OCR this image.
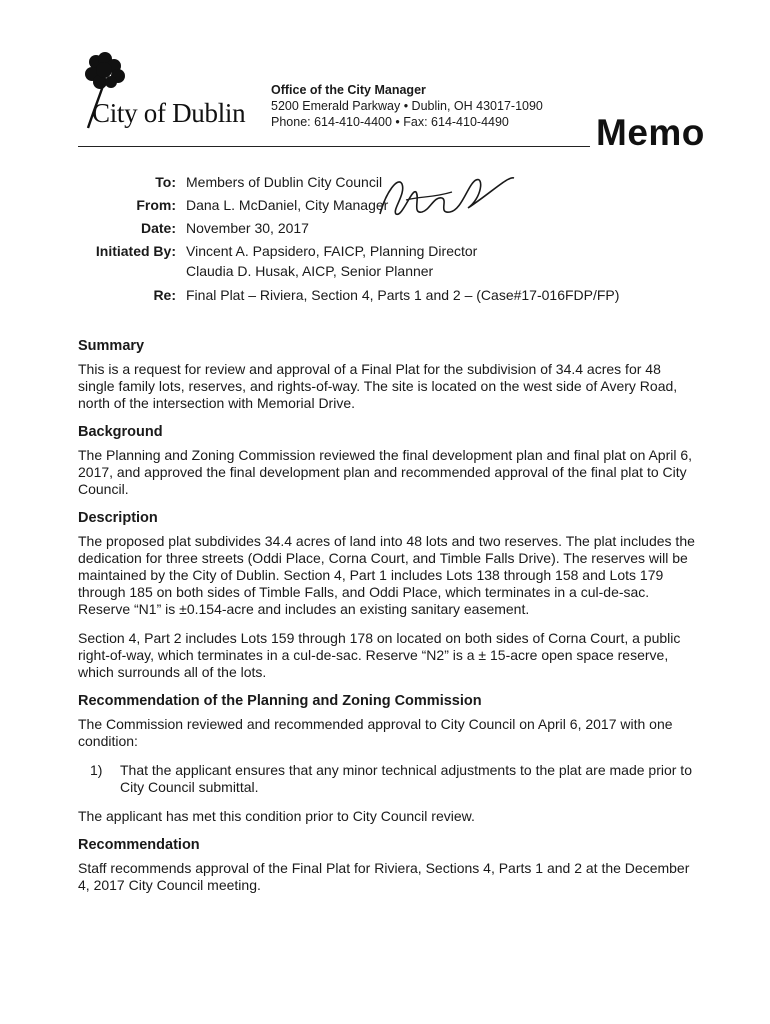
City of Dublin
Office of the City Manager
5200 Emerald Parkway • Dublin, OH 43017-1090
Phone: 614-410-4400 • Fax: 614-410-4490	Memo
To: Members of Dublin City Council
From: Dana L. McDaniel, City Manager
Date: November 30, 2017
Initiated By: Vincent A. Papsidero, FAICP, Planning Director
Claudia D. Husak, AICP, Senior Planner
Re: Final Plat – Riviera, Section 4, Parts 1 and 2 – (Case#17-016FDP/FP)
Summary

This is a request for review and approval of a Final Plat for the subdivision of 34.4 acres for 48 single family lots, reserves, and rights-of-way. The site is located on the west side of Avery Road, north of the intersection with Memorial Drive.

Background

The Planning and Zoning Commission reviewed the final development plan and final plat on April 6, 2017, and approved the final development plan and recommended approval of the final plat to City Council.

Description

The proposed plat subdivides 34.4 acres of land into 48 lots and two reserves. The plat includes the dedication for three streets (Oddi Place, Corna Court, and Timble Falls Drive). The reserves will be maintained by the City of Dublin. Section 4, Part 1 includes Lots 138 through 158 and Lots 179 through 185 on both sides of Timble Falls, and Oddi Place, which terminates in a cul-de-sac. Reserve “N1” is ±0.154-acre and includes an existing sanitary easement.

Section 4, Part 2 includes Lots 159 through 178 on located on both sides of Corna Court, a public right-of-way, which terminates in a cul-de-sac. Reserve “N2” is a ± 15-acre open space reserve, which surrounds all of the lots.

Recommendation of the Planning and Zoning Commission

The Commission reviewed and recommended approval to City Council on April 6, 2017 with one condition:

1)	That the applicant ensures that any minor technical adjustments to the plat are made prior to City Council submittal.

The applicant has met this condition prior to City Council review.

Recommendation

Staff recommends approval of the Final Plat for Riviera, Sections 4, Parts 1 and 2 at the December 4, 2017 City Council meeting.
